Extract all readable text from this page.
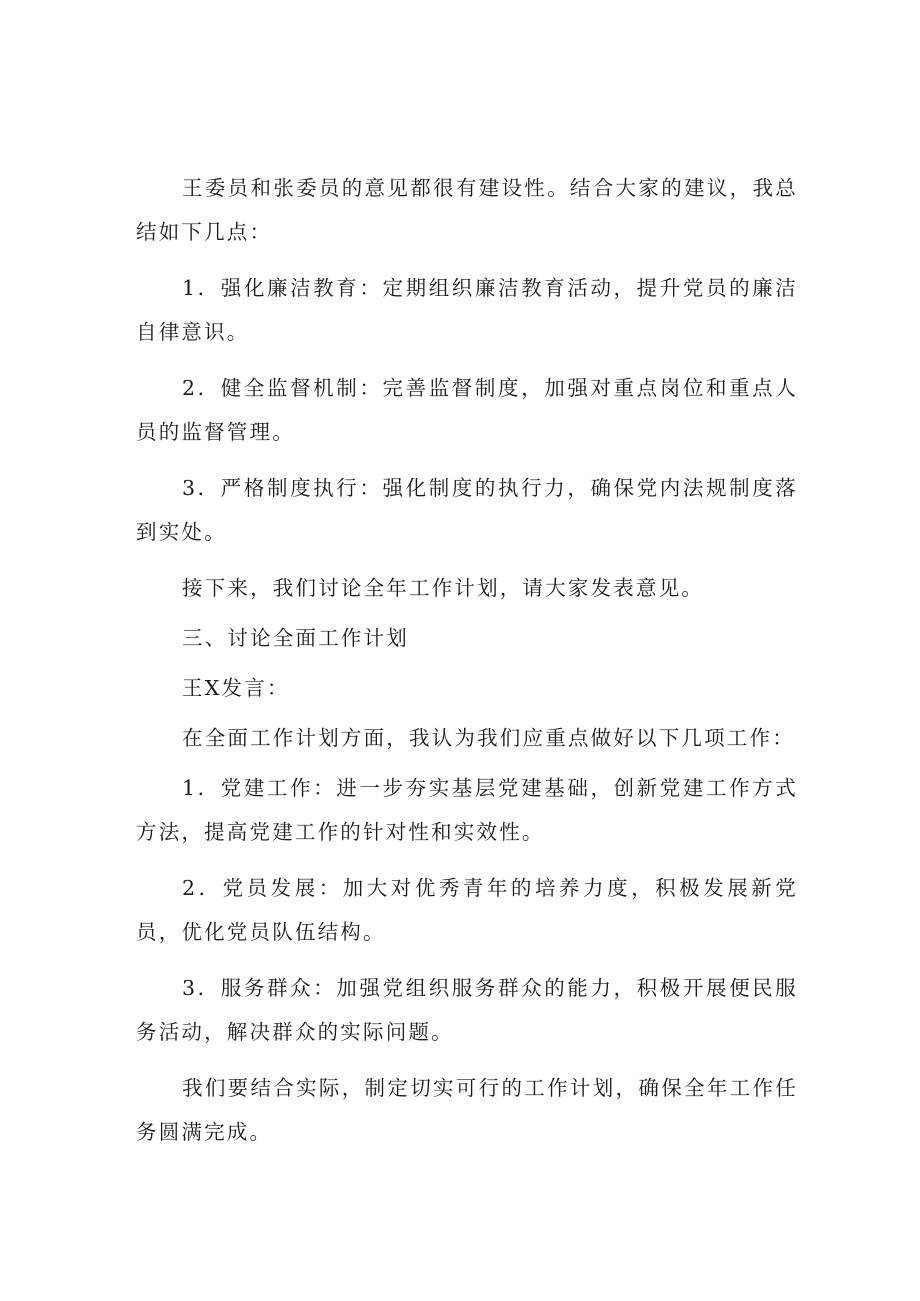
王委员和张委员的意见都很有建设性。结合大家的建议，我总结如下几点：

1．强化廉洁教育：定期组织廉洁教育活动，提升党员的廉洁自律意识。

2．健全监督机制：完善监督制度，加强对重点岗位和重点人员的监督管理。

3．严格制度执行：强化制度的执行力，确保党内法规制度落到实处。

接下来，我们讨论全年工作计划，请大家发表意见。

三、讨论全面工作计划

王X发言：

在全面工作计划方面，我认为我们应重点做好以下几项工作：

1．党建工作：进一步夯实基层党建基础，创新党建工作方式方法，提高党建工作的针对性和实效性。

2．党员发展：加大对优秀青年的培养力度，积极发展新党员，优化党员队伍结构。

3．服务群众：加强党组织服务群众的能力，积极开展便民服务活动，解决群众的实际问题。

我们要结合实际，制定切实可行的工作计划，确保全年工作任务圆满完成。
